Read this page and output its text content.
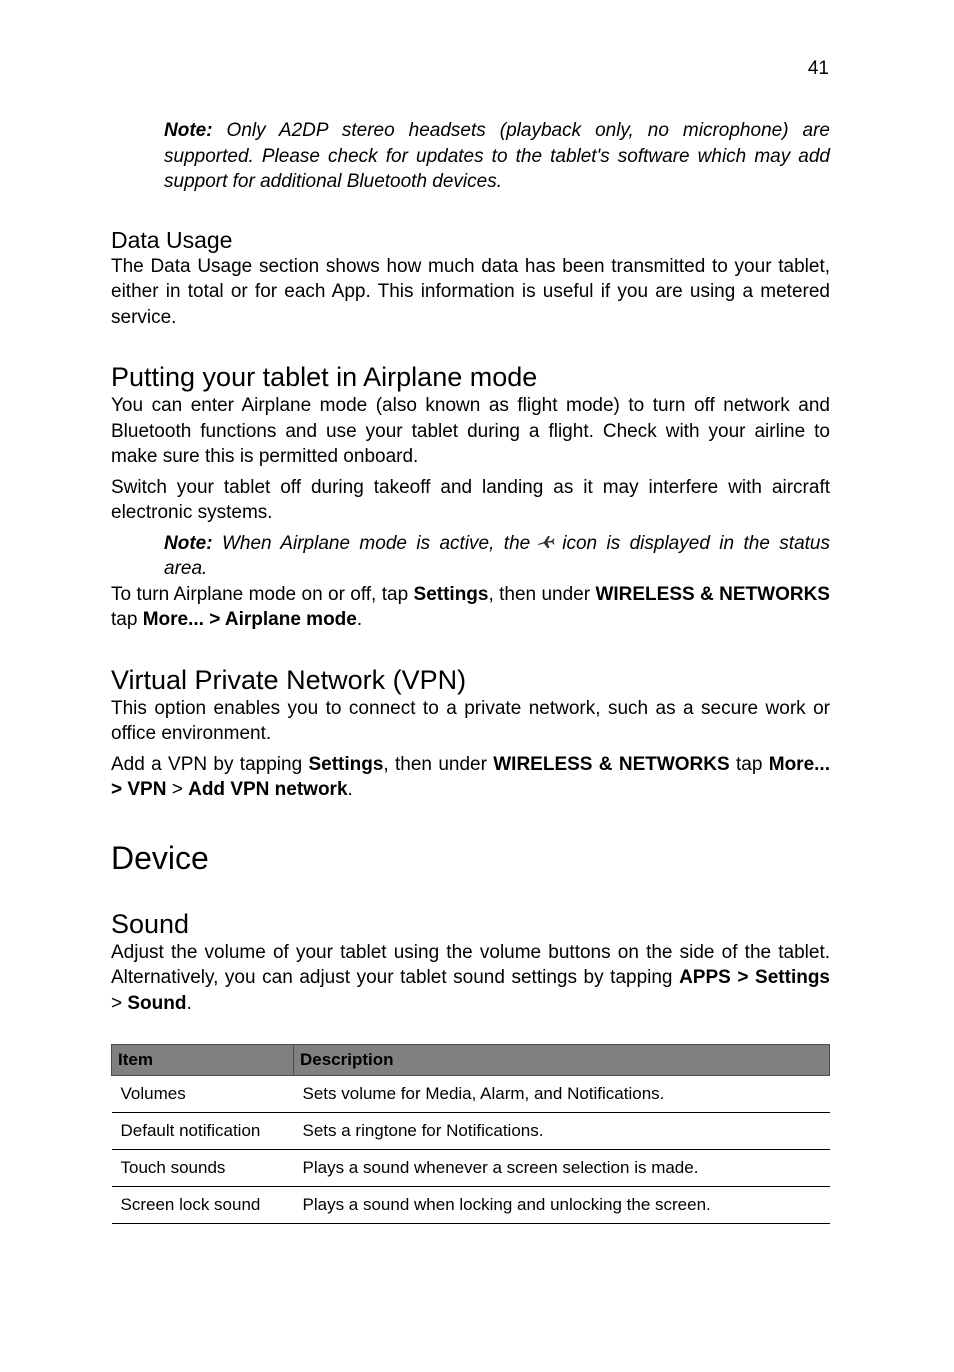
41

Note: Only A2DP stereo headsets (playback only, no microphone) are supported. Please check for updates to the tablet's software which may add support for additional Bluetooth devices.

Data Usage

The Data Usage section shows how much data has been transmitted to your tablet, either in total or for each App. This information is useful if you are using a metered service.

Putting your tablet in Airplane mode

You can enter Airplane mode (also known as flight mode) to turn off network and Bluetooth functions and use your tablet during a flight. Check with your airline to make sure this is permitted onboard.

Switch your tablet off during takeoff and landing as it may interfere with aircraft electronic systems.

Note: When Airplane mode is active, the icon is displayed in the status area.

To turn Airplane mode on or off, tap Settings, then under WIRELESS & NETWORKS tap More... > Airplane mode.

Virtual Private Network (VPN)

This option enables you to connect to a private network, such as a secure work or office environment.

Add a VPN by tapping Settings, then under WIRELESS & NETWORKS tap More... > VPN > Add VPN network.

Device
Sound

Adjust the volume of your tablet using the volume buttons on the side of the tablet. Alternatively, you can adjust your tablet sound settings by tapping APPS > Settings > Sound.

Item	Description
Volumes	Sets volume for Media, Alarm, and Notifications.
Default notification	Sets a ringtone for Notifications.
Touch sounds	Plays a sound whenever a screen selection is made.
Screen lock sound	Plays a sound when locking and unlocking the screen.
